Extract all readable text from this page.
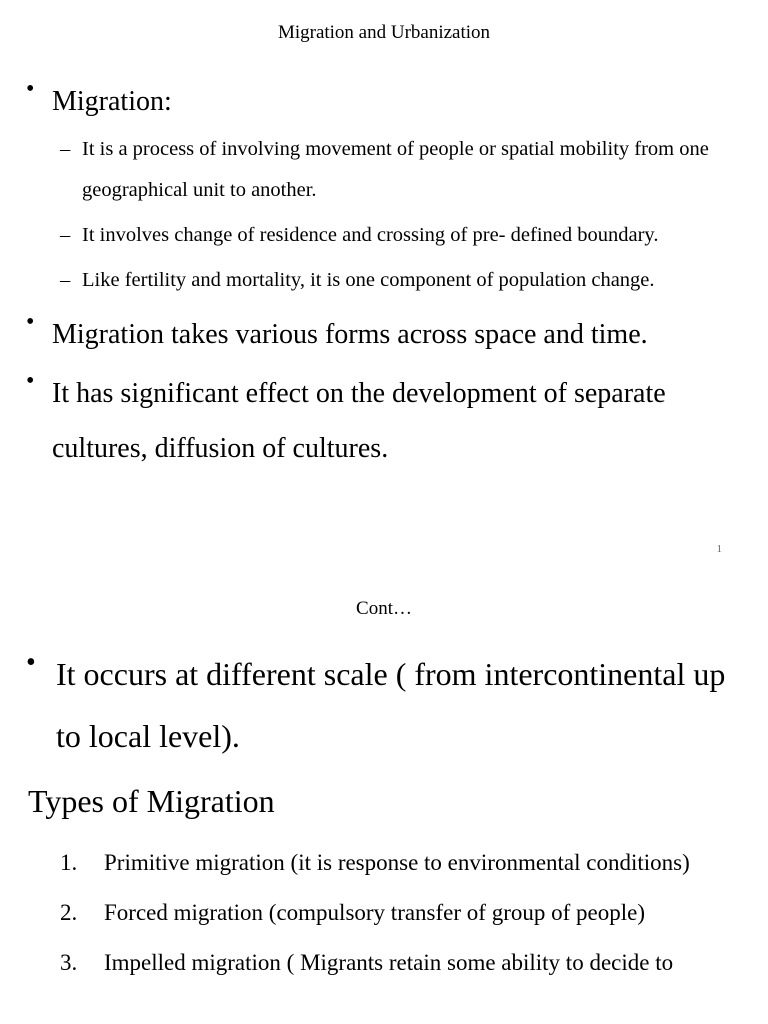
Migration and Urbanization
• Migration:
– It is a process of involving movement of people or spatial mobility from one geographical unit to another.
– It involves change of residence and crossing of pre- defined boundary.
– Like fertility and mortality, it is one component of population change.
• Migration takes various forms across space and time.
• It has significant effect on the development of separate cultures, diffusion of cultures.
1
Cont…
• It occurs at different scale ( from intercontinental up to local level).
Types of Migration
1. Primitive migration (it is response to environmental conditions)
2. Forced migration (compulsory transfer of group of people)
3. Impelled migration ( Migrants retain some ability to decide to
